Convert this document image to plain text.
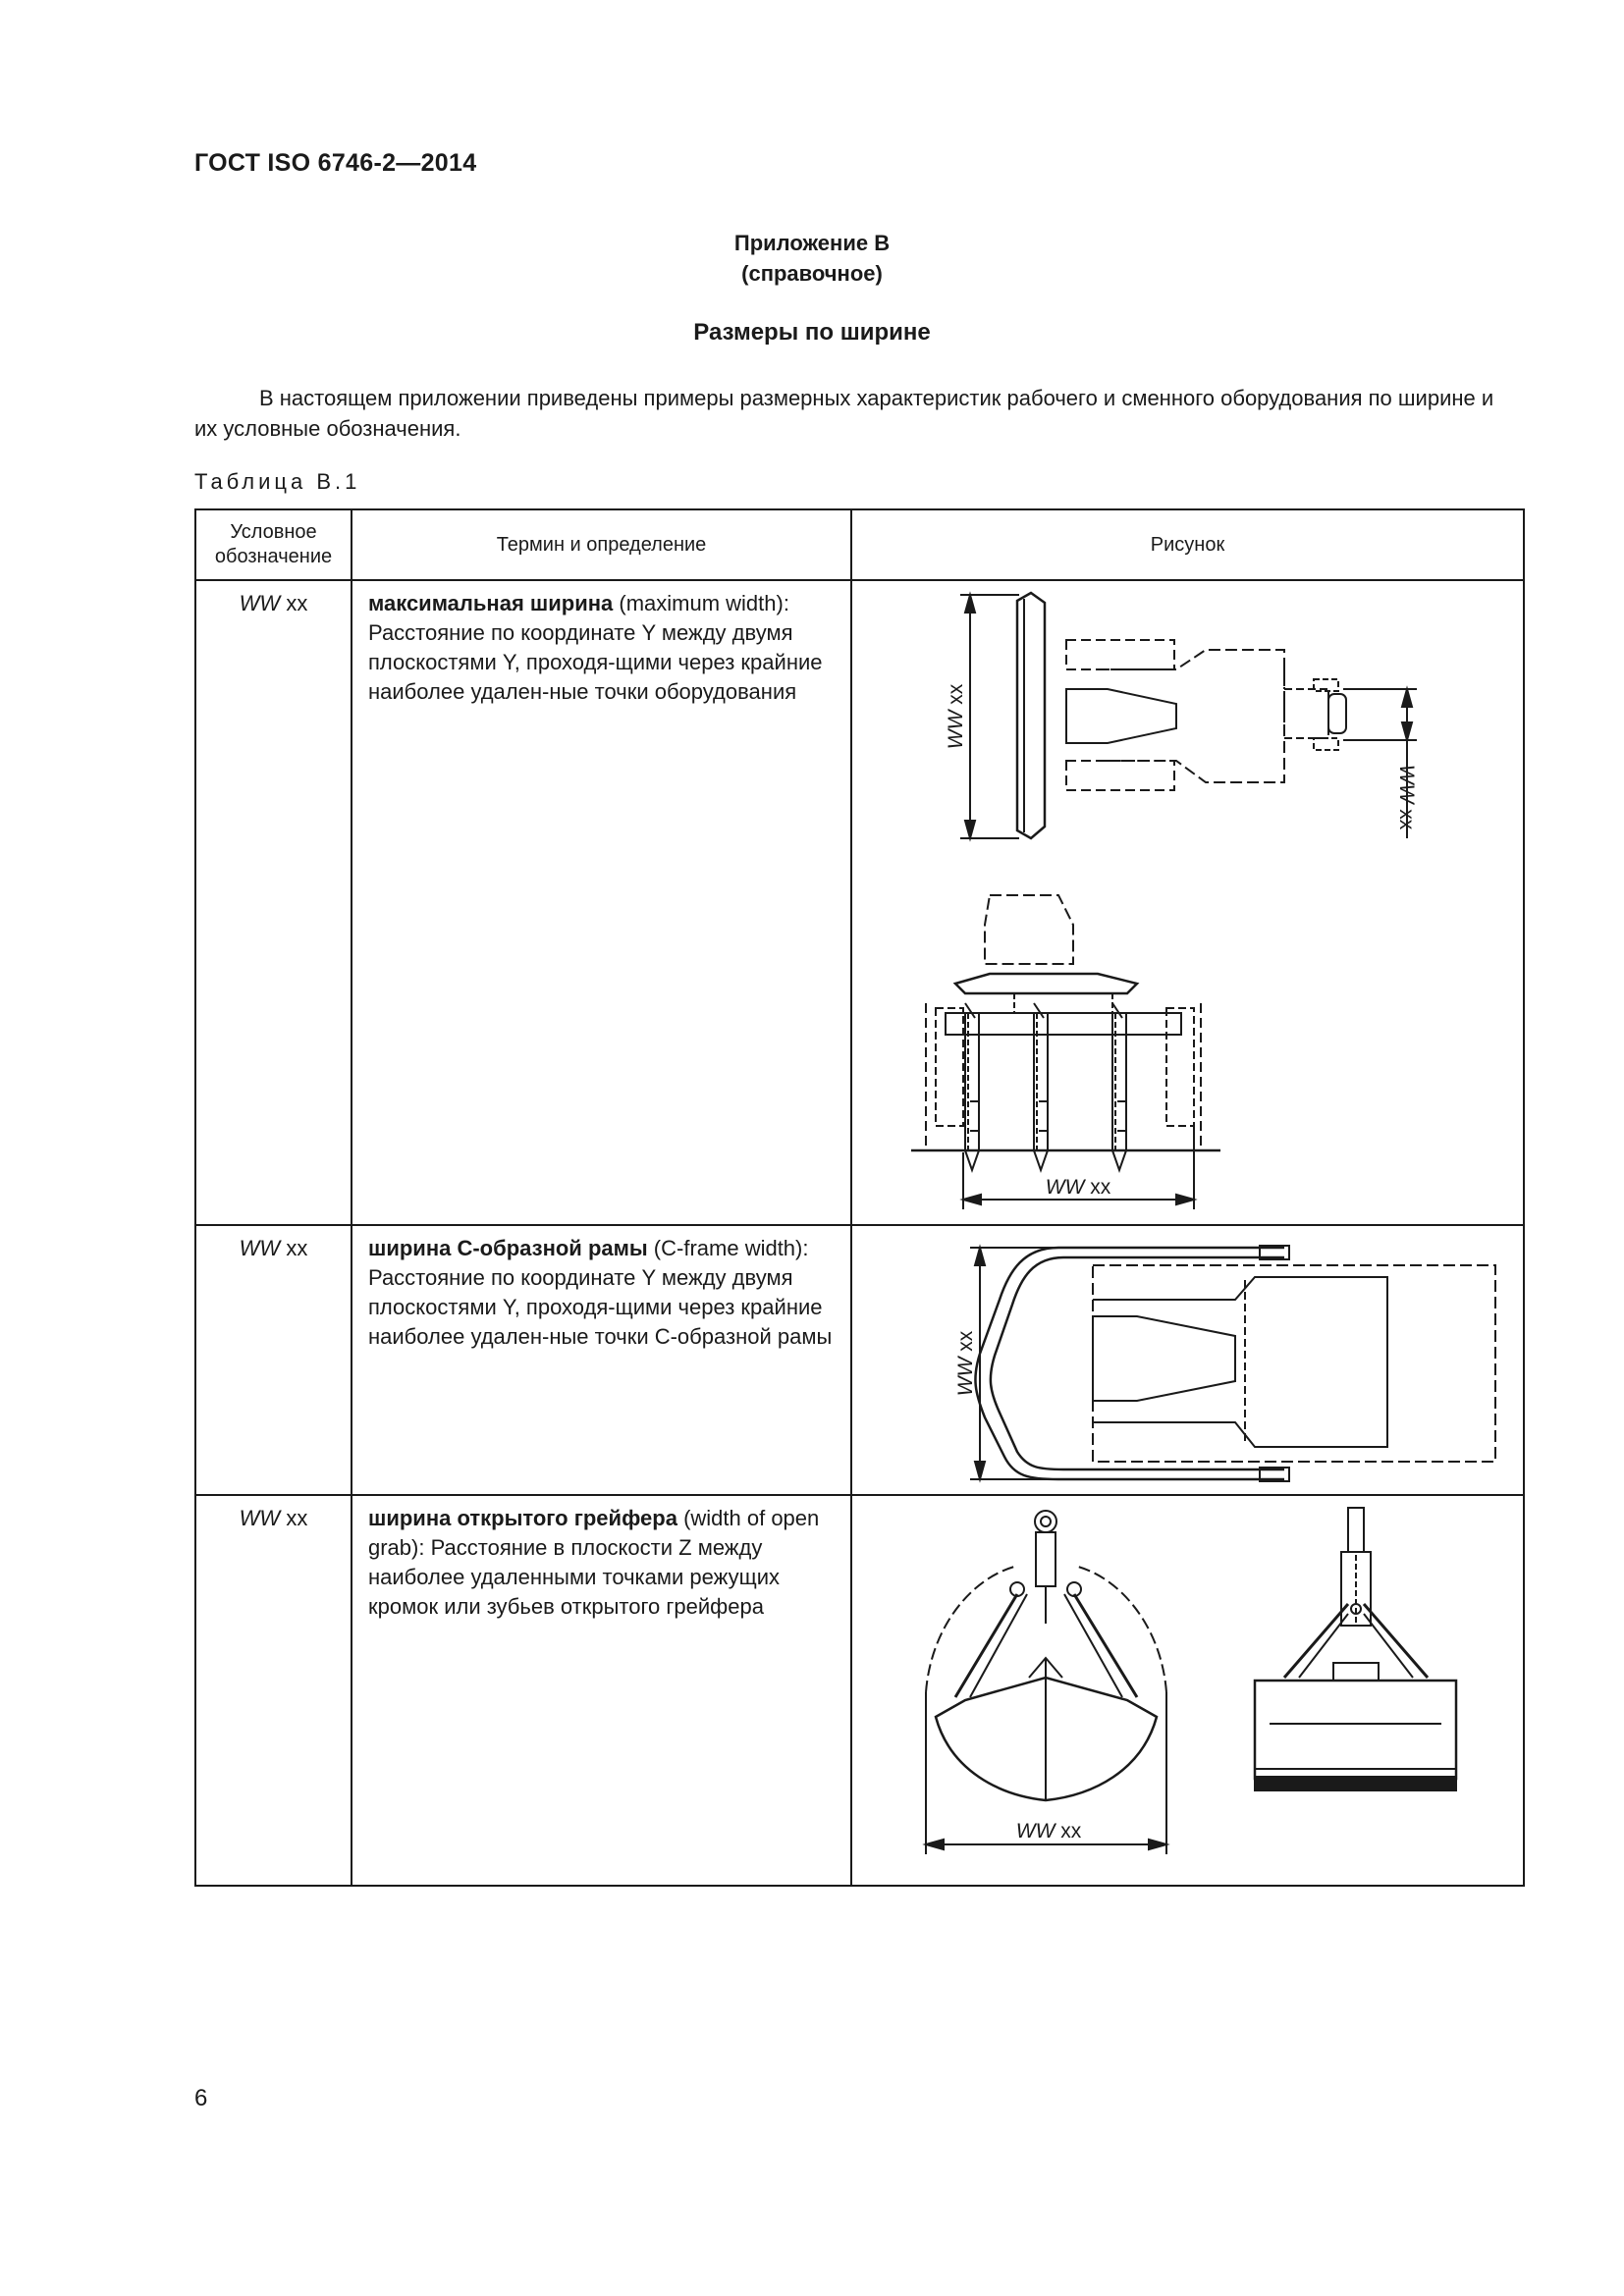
ГОСТ ISO 6746-2—2014
Приложение В
(справочное)
Размеры по ширине
В настоящем приложении приведены примеры размерных характеристик рабочего и сменного оборудования по ширине и их условные обозначения.
Таблица В.1
Условное обозначение	Термин и определение	Рисунок
WW xx	максимальная ширина (maximum width): Расстояние по координате Y между двумя плоскостями Y, проходя-щими через крайние наиболее удален-ные точки оборудования	WW xx
WW xx
WW xx

WW xx	ширина С-образной рамы (C-frame width): Расстояние по координате Y между двумя плоскостями Y, проходя-щими через крайние наиболее удален-ные точки С-образной рамы	WW xx

WW xx	ширина открытого грейфера (width of open grab): Расстояние в плоскости Z между наиболее удаленными точками режущих кромок или зубьев открытого грейфера	WW xx
6
